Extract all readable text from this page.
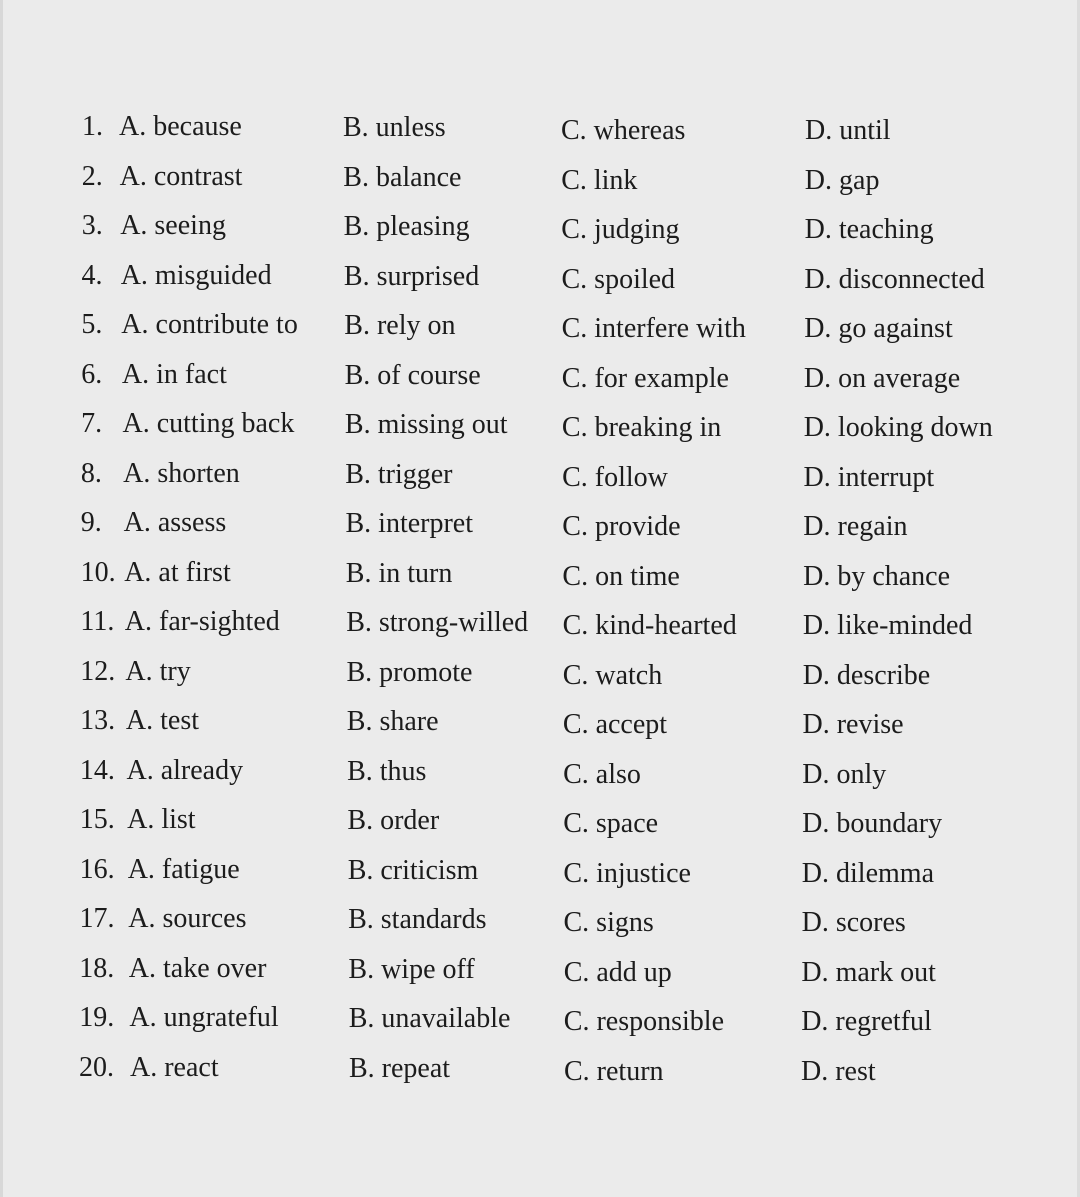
1. A. because	B. unless	C. whereas	D. until
2. A. contrast	B. balance	C. link	D. gap
3. A. seeing	B. pleasing	C. judging	D. teaching
4. A. misguided	B. surprised	C. spoiled	D. disconnected
5. A. contribute to B. rely on	C. interfere with D. go against
6. A. in fact	B. of course	C. for example	D. on average
7. A. cutting back B. missing out C. breaking in	D. looking down
8. A. shorten	B. trigger	C. follow	D. interrupt
9. A. assess	B. interpret	C. provide	D. regain
10. A. at first	B. in turn	C. on time	D. by chance
11. A. far-sighted B. strong-willed C. kind-hearted D. like-minded
12. A. try	B. promote	C. watch	D. describe
13. A. test	B. share	C. accept	D. revise
14. A. already	B. thus	C. also	D. only
15. A. list	B. order	C. space	D. boundary
16. A. fatigue	B. criticism	C. injustice	D. dilemma
17. A. sources	B. standards	C. signs	D. scores
18. A. take over	B. wipe off	C. add up	D. mark out
19. A. ungrateful	B. unavailable C. responsible	D. regretful
20. A. react	B. repeat	C. return	D. rest
